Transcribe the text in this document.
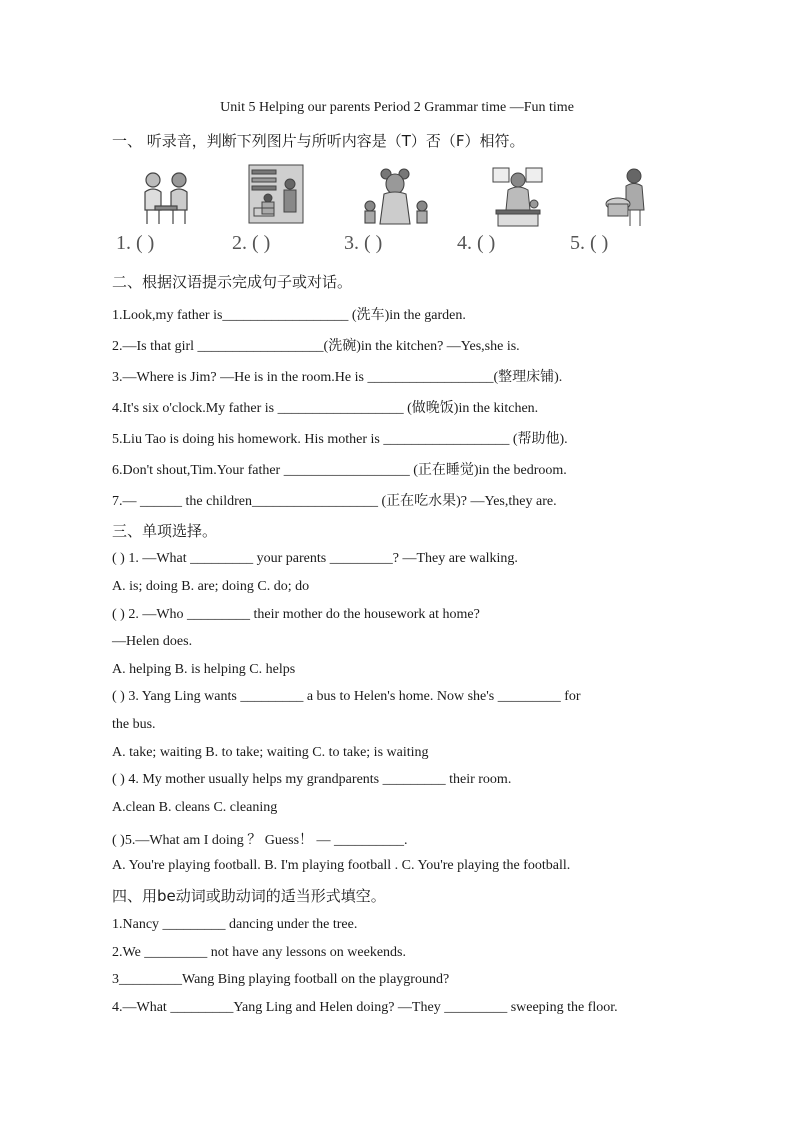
Unit 5 Helping our parents Period 2 Grammar time —Fun time
一、 听录音，判断下列图片与所听内容是（T）否（F）相符。
1. ( )	2. ( )	3. ( )	4. ( )	5. ( )
二、根据汉语提示完成句子或对话。
1.Look,my father is__________________ (洗车)in the garden.
2.—Is that girl __________________(洗碗)in the kitchen? —Yes,she is.
3.—Where is Jim? —He is in the room.He is __________________(整理床铺).
4.It's six o'clock.My father is __________________ (做晚饭)in the kitchen.
5.Liu Tao is doing his homework. His mother is __________________ (帮助他).
6.Don't shout,Tim.Your father __________________ (正在睡觉)in the bedroom.
7.— ______ the children__________________ (正在吃水果)? —Yes,they are.
三、单项选择。
( ) 1. —What _________ your parents _________? —They are walking.
A. is; doing B. are; doing C. do; do
( ) 2. —Who _________ their mother do the housework at home?
—Helen does.
A. helping B. is helping C. helps
( ) 3. Yang Ling wants _________ a bus to Helen's home. Now she's _________ for
the bus.
A. take; waiting B. to take; waiting C. to take; is waiting
( ) 4. My mother usually helps my grandparents _________ their room.
A.clean B. cleans C. cleaning
( )5.—What am I doing ？ Guess！ — __________.
A. You're playing football. B. I'm playing football . C. You're playing the football.
四、用be动词或助动词的适当形式填空。
1.Nancy _________ dancing under the tree.
2.We _________ not have any lessons on weekends.
3_________Wang Bing playing football on the playground?
4.—What _________Yang Ling and Helen doing? —They _________ sweeping the floor.
